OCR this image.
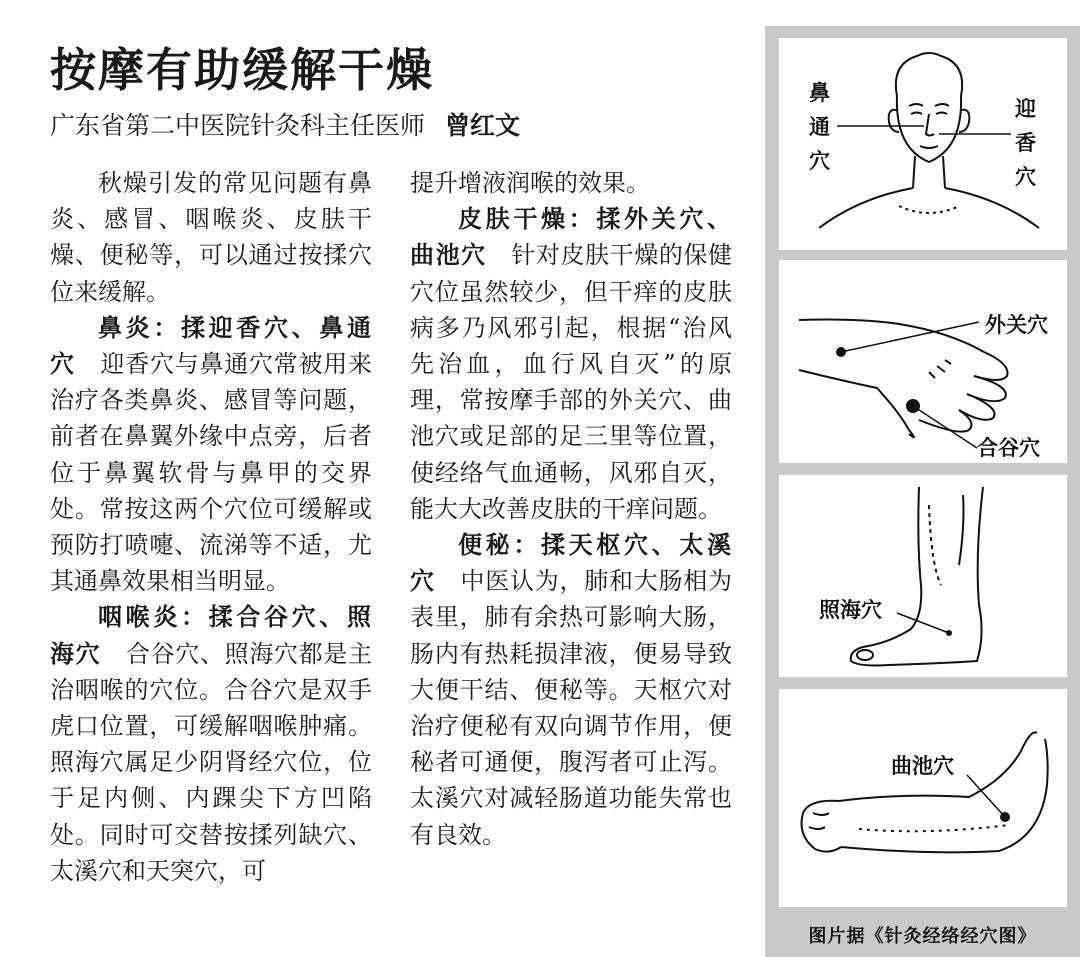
按摩有助缓解干燥
广东省第二中医院针灸科主任医师 曾红文

秋燥引发的常见问题有鼻炎、感冒、咽喉炎、皮肤干燥、便秘等，可以通过按揉穴位来缓解。

鼻炎：揉迎香穴、鼻通穴  迎香穴与鼻通穴常被用来治疗各类鼻炎、感冒等问题，前者在鼻翼外缘中点旁，后者位于鼻翼软骨与鼻甲的交界处。常按这两个穴位可缓解或预防打喷嚏、流涕等不适，尤其通鼻效果相当明显。

咽喉炎：揉合谷穴、照海穴  合谷穴、照海穴都是主治咽喉的穴位。合谷穴是双手虎口位置，可缓解咽喉肿痛。照海穴属足少阴肾经穴位，位于足内侧、内踝尖下方凹陷处。同时可交替按揉列缺穴、太溪穴和天突穴，可

提升增液润喉的效果。

皮肤干燥：揉外关穴、曲池穴  针对皮肤干燥的保健穴位虽然较少，但干痒的皮肤病多乃风邪引起，根据“治风先治血，血行风自灭”的原理，常按摩手部的外关穴、曲池穴或足部的足三里等位置，使经络气血通畅，风邪自灭，能大大改善皮肤的干痒问题。

便秘：揉天枢穴、太溪穴  中医认为，肺和大肠相为表里，肺有余热可影响大肠，肠内有热耗损津液，便易导致大便干结、便秘等。天枢穴对治疗便秘有双向调节作用，便秘者可通便，腹泻者可止泻。太溪穴对减轻肠道功能失常也有良效。

鼻
通
穴
迎
香
穴
外关穴
合谷穴
照海穴
曲池穴
图片据《针灸经络经穴图》
